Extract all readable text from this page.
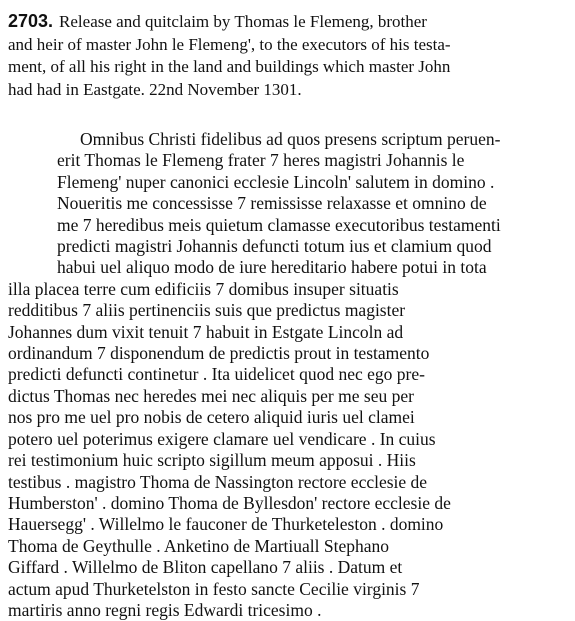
2703. Release and quitclaim by Thomas le Flemeng, brother
and heir of master John le Flemeng', to the executors of his testa-
ment, of all his right in the land and buildings which master John
had had in Eastgate. 22nd November 1301.
Omnibus Christi fidelibus ad quos presens scriptum peruen-
erit Thomas le Flemeng frater 7 heres magistri Johannis le
Flemeng' nuper canonici ecclesie Lincoln' salutem in domino .
Noueritis me concessisse 7 remississe relaxasse et omnino de
me 7 heredibus meis quietum clamasse executoribus testamenti
predicti magistri Johannis defuncti totum ius et clamium quod
habui uel aliquo modo de iure hereditario habere potui in tota
illa placea terre cum edificiis 7 domibus insuper situatis
redditibus 7 aliis pertinenciis suis que predictus magister
Johannes dum vixit tenuit 7 habuit in Estgate Lincoln ad
ordinandum 7 disponendum de predictis prout in testamento
predicti defuncti continetur . Ita uidelicet quod nec ego pre-
dictus Thomas nec heredes mei nec aliquis per me seu per
nos pro me uel pro nobis de cetero aliquid iuris uel clamei
potero uel poterimus exigere clamare uel vendicare . In cuius
rei testimonium huic scripto sigillum meum apposui . Hiis
testibus . magistro Thoma de Nassington rectore ecclesie de
Humberston' . domino Thoma de Byllesdon' rectore ecclesie de
Hauersegg' . Willelmo le fauconer de Thurketeleston . domino
Thoma de Geythulle . Anketino de Martiuall Stephano
Giffard . Willelmo de Bliton capellano 7 aliis . Datum et
actum apud Thurketelston in festo sancte Cecilie virginis 7
martiris anno regni regis Edwardi tricesimo .
